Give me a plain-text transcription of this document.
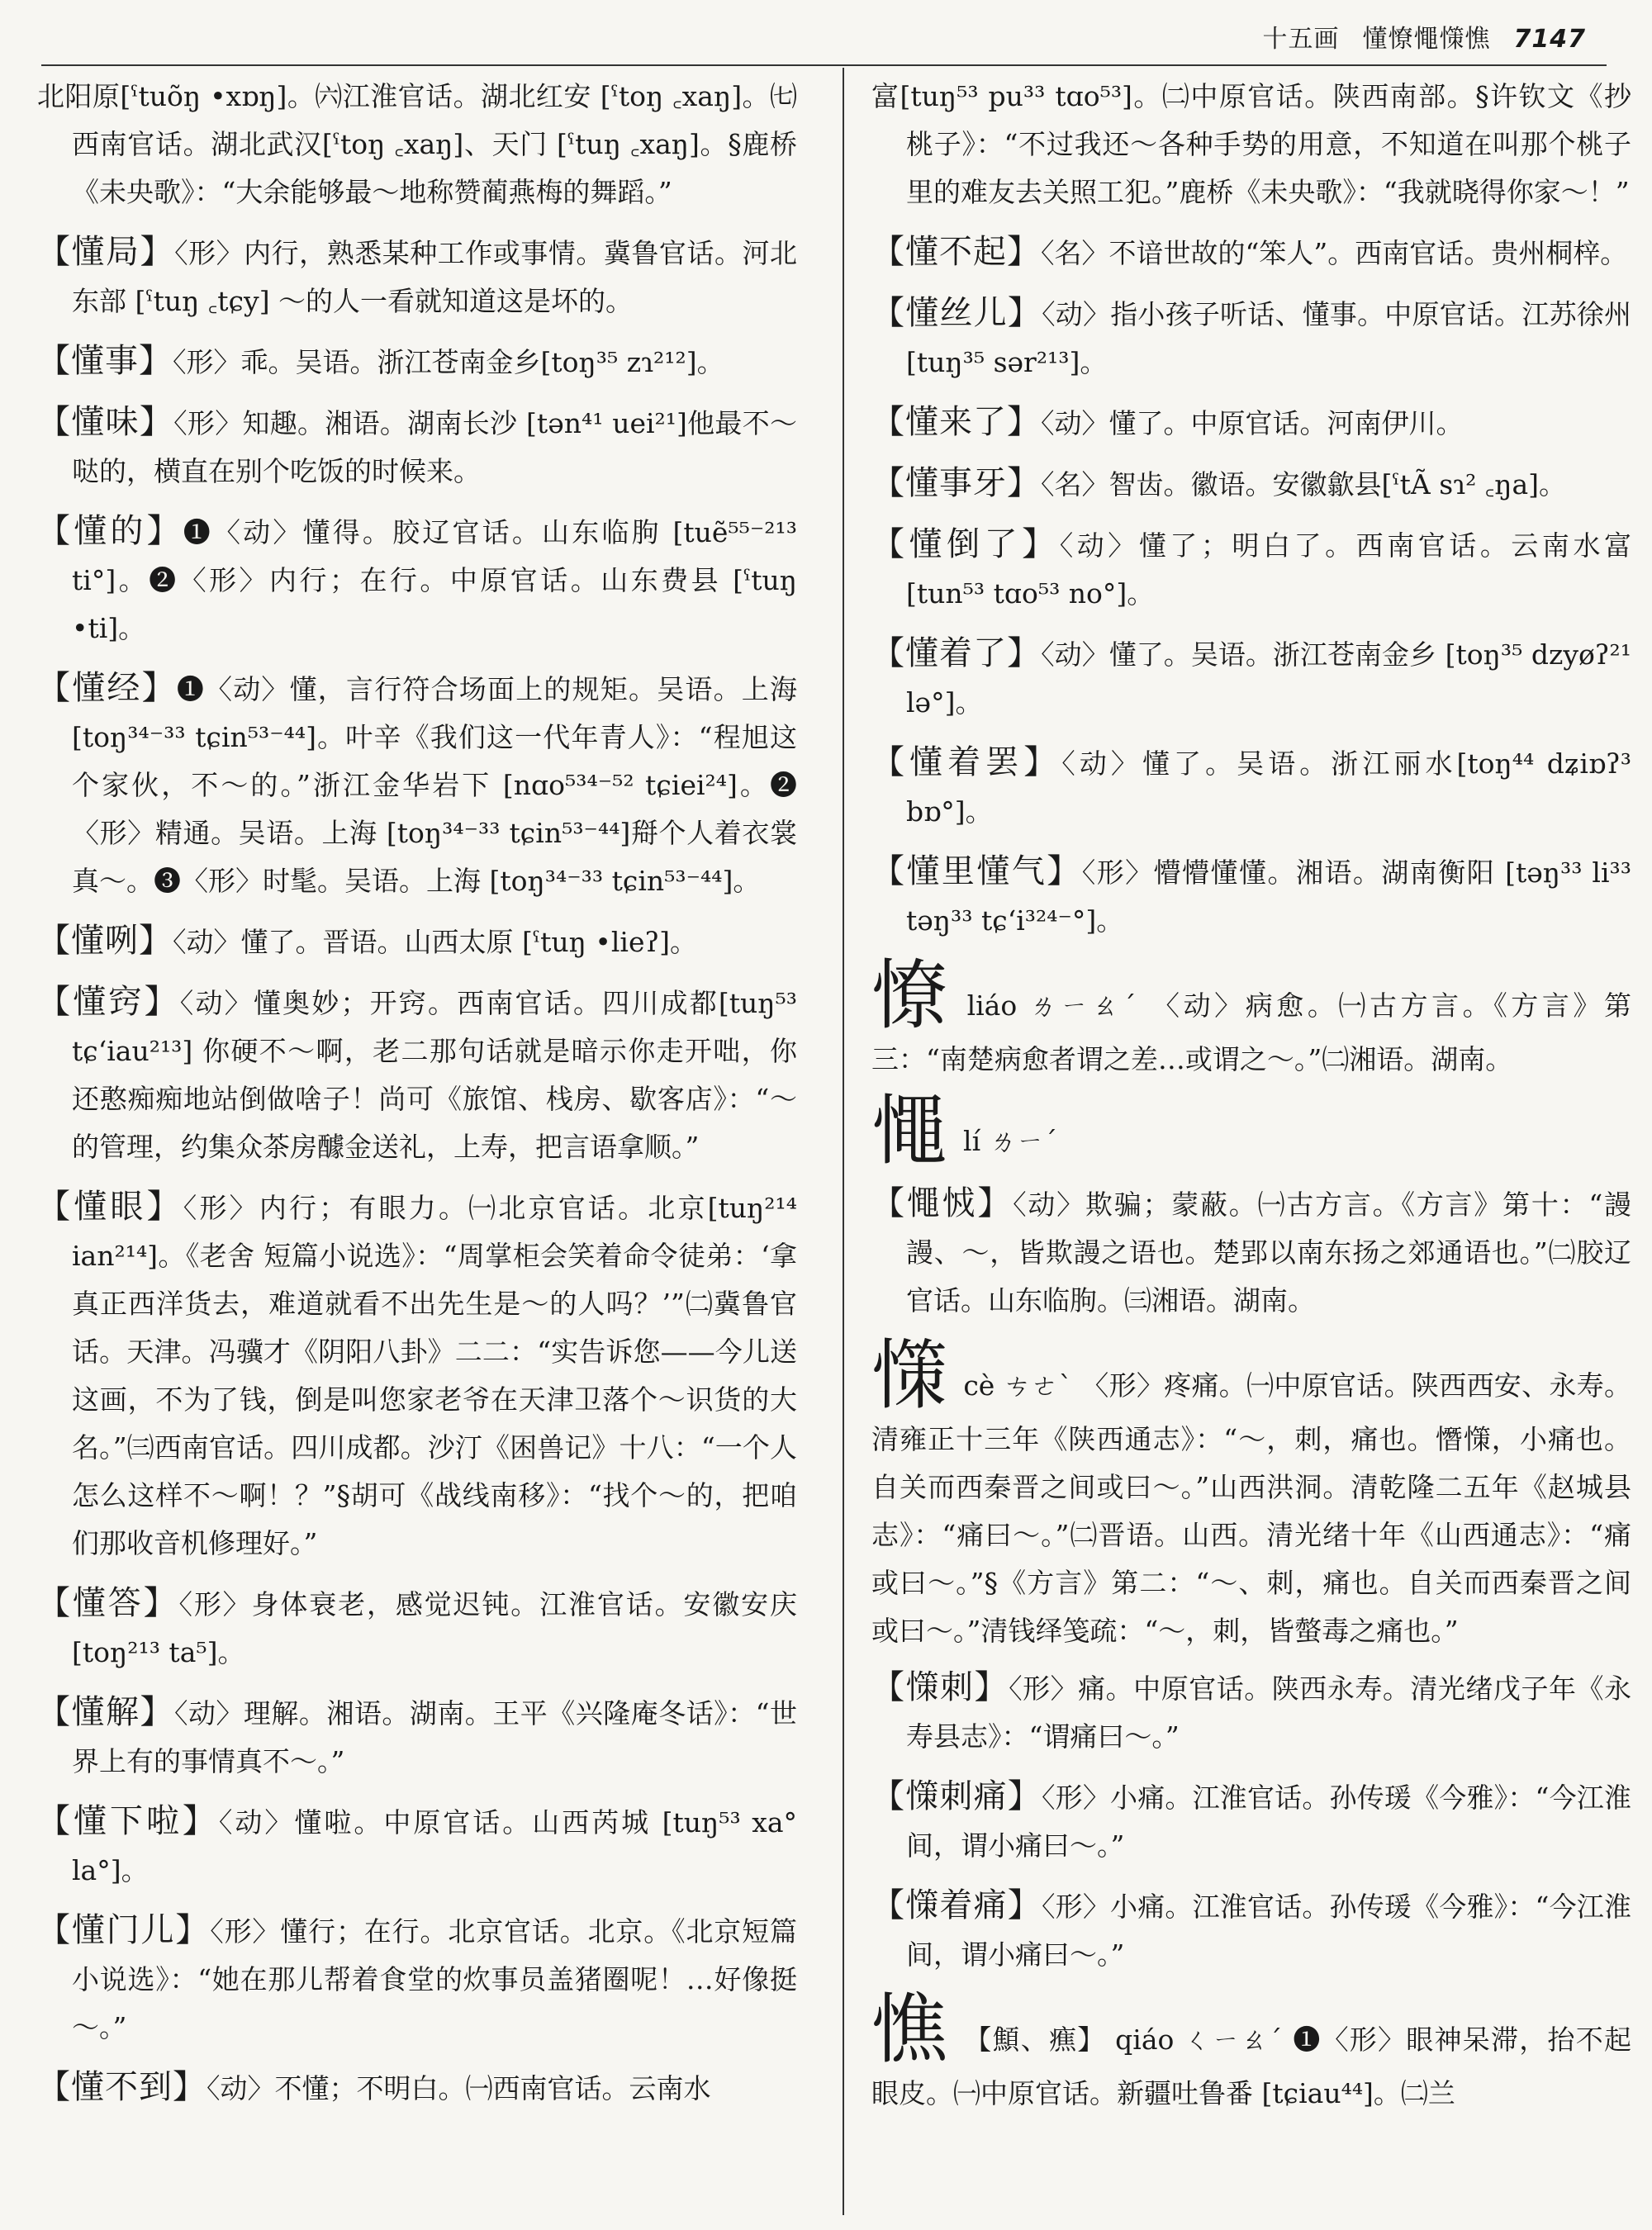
十五画 懂憭憴憡憔 7147

北阳原[ˤtuõŋ •xɒŋ]。㈥江淮官话。湖北红安 [ˤtoŋ ꜀xaŋ]。㈦西南官话。湖北武汉[ˤtoŋ ꜀xaŋ]、天门 [ˤtuŋ ꜀xaŋ]。§鹿桥《未央歌》：“大余能够最～地称赞蔺燕梅的舞蹈。”

【懂局】〈形〉内行，熟悉某种工作或事情。冀鲁官话。河北东部 [ˤtuŋ ꜀tɕy] ～的人一看就知道这是坏的。

【懂事】〈形〉乖。吴语。浙江苍南金乡[toŋ³⁵ zɿ²¹²]。

【懂味】〈形〉知趣。湘语。湖南长沙 [tən⁴¹ uei²¹]他最不～哒的，横直在别个吃饭的时候来。

【懂的】❶〈动〉懂得。胶辽官话。山东临朐 [tuẽ⁵⁵⁻²¹³ ti°]。❷〈形〉内行；在行。中原官话。山东费县 [ˤtuŋ •ti]。

【懂经】❶〈动〉懂，言行符合场面上的规矩。吴语。上海 [toŋ³⁴⁻³³ tɕin⁵³⁻⁴⁴]。叶辛《我们这一代年青人》：“程旭这个家伙，不～的。”浙江金华岩下 [nɑo⁵³⁴⁻⁵² tɕiei²⁴]。❷〈形〉精通。吴语。上海 [toŋ³⁴⁻³³ tɕin⁵³⁻⁴⁴]搿个人着衣裳真～。❸〈形〉时髦。吴语。上海 [toŋ³⁴⁻³³ tɕin⁵³⁻⁴⁴]。

【懂咧】〈动〉懂了。晋语。山西太原 [ˤtuŋ •lieʔ]。

【懂窍】〈动〉懂奥妙；开窍。西南官话。四川成都[tuŋ⁵³ tɕʻiau²¹³] 你硬不～啊，老二那句话就是暗示你走开咄，你还憨痴痴地站倒做啥子！尚可《旅馆、栈房、歇客店》：“～的管理，约集众茶房醵金送礼，上寿，把言语拿顺。”

【懂眼】〈形〉内行；有眼力。㈠北京官话。北京[tuŋ²¹⁴ ian²¹⁴]。《老舍 短篇小说选》：“周掌柜会笑着命令徒弟：‘拿真正西洋货去，难道就看不出先生是～的人吗？’”㈡冀鲁官话。天津。冯骥才《阴阳八卦》二二：“实告诉您——今儿送这画，不为了钱，倒是叫您家老爷在天津卫落个～识货的大名。”㈢西南官话。四川成都。沙汀《困兽记》十八：“一个人怎么这样不～啊！？”§胡可《战线南移》：“找个～的，把咱们那收音机修理好。”

【懂答】〈形〉身体衰老，感觉迟钝。江淮官话。安徽安庆 [toŋ²¹³ ta⁵]。

【懂解】〈动〉理解。湘语。湖南。王平《兴隆庵冬话》：“世界上有的事情真不～。”

【懂下啦】〈动〉懂啦。中原官话。山西芮城 [tuŋ⁵³ xa° la°]。

【懂门儿】〈形〉懂行；在行。北京官话。北京。《北京短篇小说选》：“她在那儿帮着食堂的炊事员盖猪圈呢！…好像挺～。”

【懂不到】〈动〉不懂；不明白。㈠西南官话。云南水

富[tuŋ⁵³ pu³³ tɑo⁵³]。㈡中原官话。陕西南部。§许钦文《抄桃子》：“不过我还～各种手势的用意，不知道在叫那个桃子里的难友去关照工犯。”鹿桥《未央歌》：“我就晓得你家～！”

【懂不起】〈名〉不谙世故的“笨人”。西南官话。贵州桐梓。

【懂丝儿】〈动〉指小孩子听话、懂事。中原官话。江苏徐州 [tuŋ³⁵ sər²¹³]。

【懂来了】〈动〉懂了。中原官话。河南伊川。

【懂事牙】〈名〉智齿。徽语。安徽歙县[ˤtÃ sɿ² ꜀ŋa]。

【懂倒了】〈动〉懂了；明白了。西南官话。云南水富 [tun⁵³ tɑo⁵³ no°]。

【懂着了】〈动〉懂了。吴语。浙江苍南金乡 [toŋ³⁵ dzyøʔ²¹ lə°]。

【懂着罢】〈动〉懂了。吴语。浙江丽水[toŋ⁴⁴ dʑiɒʔ³ bɒ°]。

【懂里懂气】〈形〉懵懵懂懂。湘语。湖南衡阳 [təŋ³³ li³³ təŋ³³ tɕʻi³²⁴⁻°]。

憭liáo ㄌㄧㄠˊ 〈动〉病愈。㈠古方言。《方言》第三：“南楚病愈者谓之差…或谓之～。”㈡湘语。湖南。

憴lí ㄌㄧˊ

【憴㤜】〈动〉欺骗；蒙蔽。㈠古方言。《方言》第十：“謾謾、～，皆欺謾之语也。楚郢以南东扬之郊通语也。”㈡胶辽官话。山东临朐。㈢湘语。湖南。

憡cè ㄘㄜˋ 〈形〉疼痛。㈠中原官话。陕西西安、永寿。清雍正十三年《陕西通志》：“～，刺，痛也。憯憡，小痛也。自关而西秦晋之间或曰～。”山西洪洞。清乾隆二五年《赵城县志》：“痛曰～。”㈡晋语。山西。清光绪十年《山西通志》：“痛或曰～。”§《方言》第二：“～、刺，痛也。自关而西秦晋之间或曰～。”清钱绎笺疏：“～，刺，皆螫毒之痛也。”

【憡刺】〈形〉痛。中原官话。陕西永寿。清光绪戊子年《永寿县志》：“谓痛曰～。”

【憡刺痛】〈形〉小痛。江淮官话。孙传瑗《今雅》：“今江淮间，谓小痛曰～。”

【憡着痛】〈形〉小痛。江淮官话。孙传瑗《今雅》：“今江淮间，谓小痛曰～。”

憔 【顦、癄】 qiáo ㄑㄧㄠˊ ❶〈形〉眼神呆滞，抬不起眼皮。㈠中原官话。新疆吐鲁番 [tɕiau⁴⁴]。㈡兰
